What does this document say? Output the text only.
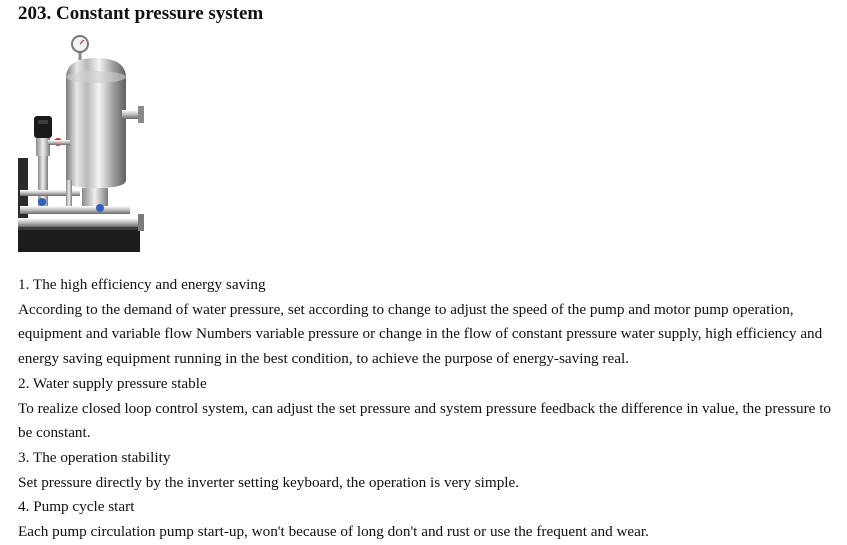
203. Constant pressure system

1. The high efficiency and energy saving

According to the demand of water pressure, set according to change to adjust the speed of the pump and motor pump operation, equipment and variable flow Numbers variable pressure or change in the flow of constant pressure water supply, high efficiency and energy saving equipment running in the best condition, to achieve the purpose of energy-saving real.

2. Water supply pressure stable

To realize closed loop control system, can adjust the set pressure and system pressure feedback the difference in value, the pressure to be constant.

3. The operation stability

Set pressure directly by the inverter setting keyboard, the operation is very simple.

4. Pump cycle start

Each pump circulation pump start-up, won't because of long don't and rust or use the frequent and wear.
